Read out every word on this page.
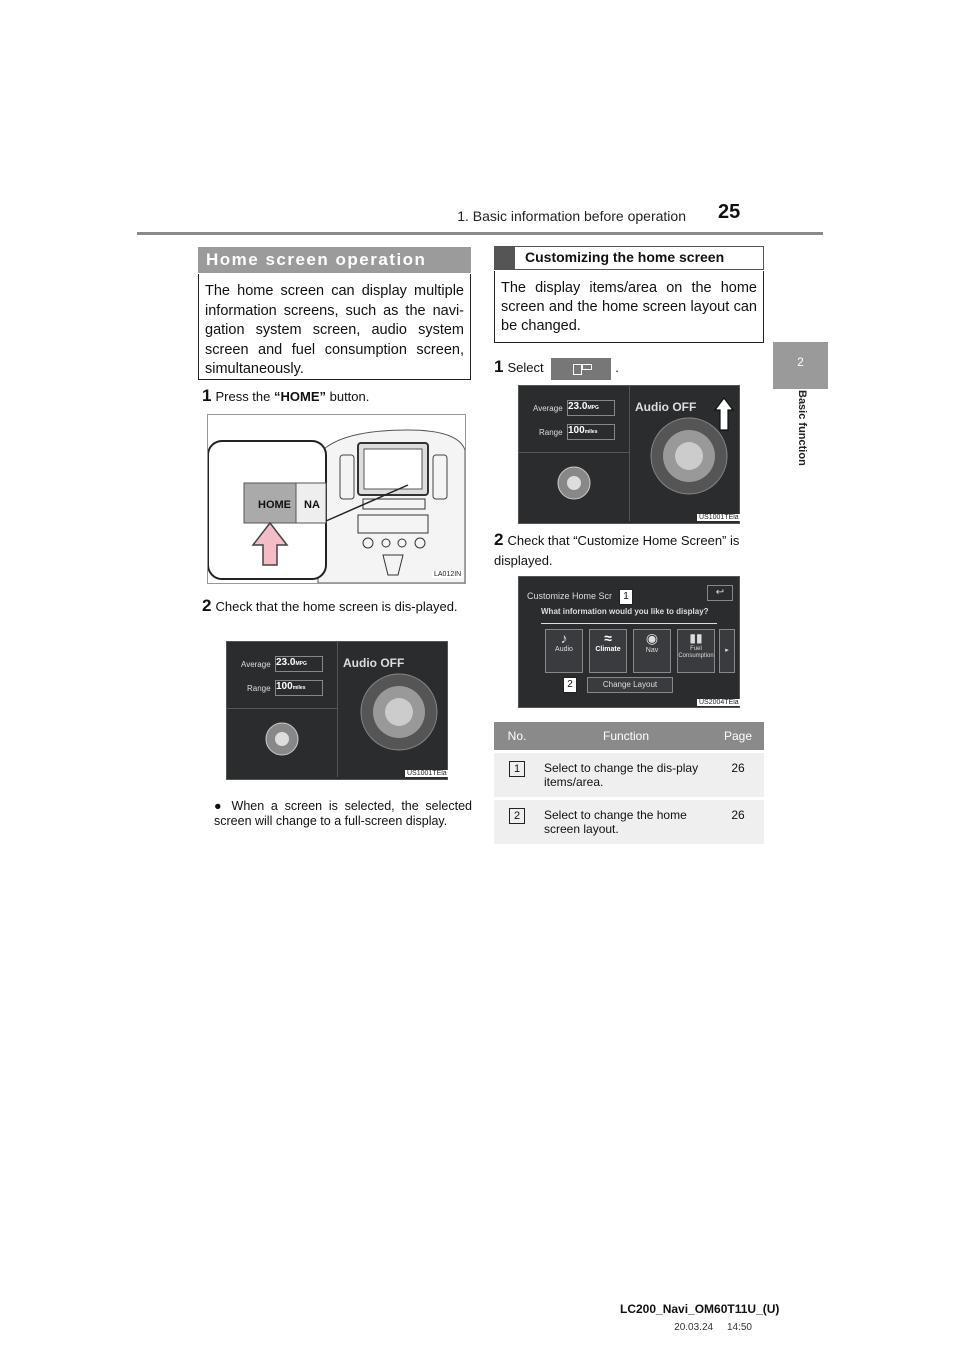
1. Basic information before operation 25
2
Basic function
Home screen operation
The home screen can display multiple information screens, such as the navi-gation system screen, audio system screen and fuel consumption screen, simultaneously.
1 Press the “HOME” button.
HOME NA
LA012IN
2 Check that the home screen is dis-played.
Average 23.0MPG
Range 100miles
Audio OFF
US1001TEla
● When a screen is selected, the selected screen will change to a full-screen display.
Customizing the home screen
The display items/area on the home screen and the home screen layout can be changed.
1 Select	.
Average 23.0MPG
Range 100miles
Audio OFF
US1001TEla
2 Check that “Customize Home Screen” is displayed.
Customize Home Scr
What information would you like to display?
↩
♪
Audio
≈
Climate
◉
Nav
▮▮
Fuel Consumption
▸
Change Layout
1
2
US2004TEla
No.	Function	Page
1	Select to change the dis-play items/area.	26
2	Select to change the home screen layout.	26
LC200_Navi_OM60T11U_(U)
20.03.24     14:50
